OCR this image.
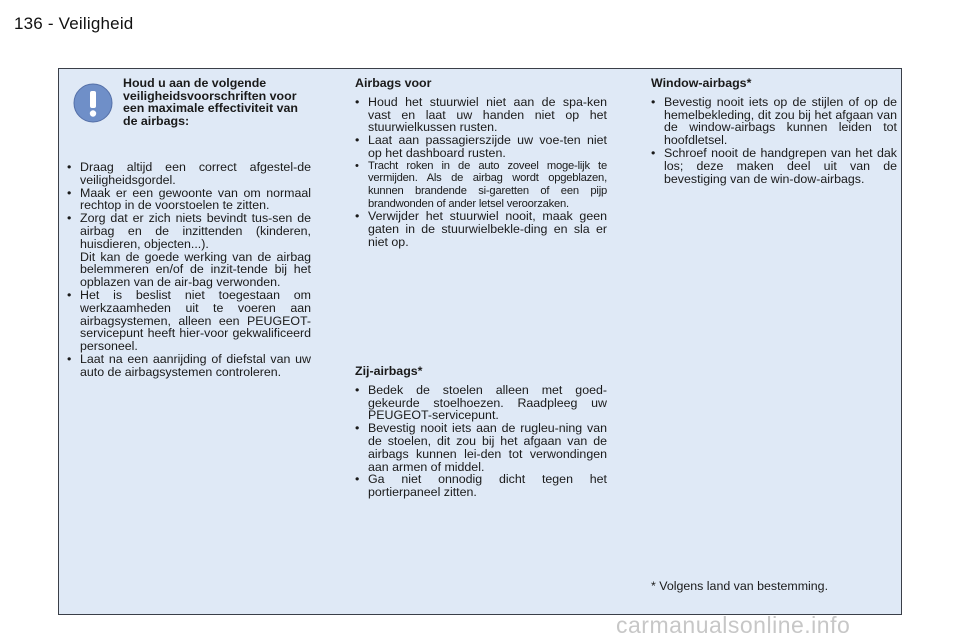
136 - Veiligheid
Houd u aan de volgende veiligheidsvoorschriften voor een maximale effectiviteit van de airbags:
• Draag altijd een correct afgestel-de veiligheidsgordel.
• Maak er een gewoonte van om normaal rechtop in de voorstoelen te zitten.
• Zorg dat er zich niets bevindt tus-sen de airbag en de inzittenden (kinderen, huisdieren, objecten...).
Dit kan de goede werking van de airbag belemmeren en/of de inzit-tende bij het opblazen van de air-bag verwonden.
• Het is beslist niet toegestaan om werkzaamheden uit te voeren aan airbagsystemen, alleen een PEUGEOT-servicepunt heeft hier-voor gekwalificeerd personeel.
• Laat na een aanrijding of diefstal van uw auto de airbagsystemen controleren.
Airbags voor
• Houd het stuurwiel niet aan de spa-ken vast en laat uw handen niet op het stuurwielkussen rusten.
• Laat aan passagierszijde uw voe-ten niet op het dashboard rusten.
• Tracht roken in de auto zoveel moge-lijk te vermijden. Als de airbag wordt opgeblazen, kunnen brandende si-garetten of een pijp brandwonden of ander letsel veroorzaken.
• Verwijder het stuurwiel nooit, maak geen gaten in de stuurwielbekle-ding en sla er niet op.
Zij-airbags*
• Bedek de stoelen alleen met goed-gekeurde stoelhoezen. Raadpleeg uw PEUGEOT-servicepunt.
• Bevestig nooit iets aan de rugleu-ning van de stoelen, dit zou bij het afgaan van de airbags kunnen lei-den tot verwondingen aan armen of middel.
• Ga niet onnodig dicht tegen het portierpaneel zitten.
Window-airbags*
• Bevestig nooit iets op de stijlen of op de hemelbekleding, dit zou bij het afgaan van de window-airbags kunnen leiden tot hoofdletsel.
• Schroef nooit de handgrepen van het dak los; deze maken deel uit van de bevestiging van de win-dow-airbags.
* Volgens land van bestemming.
carmanualsonline.info
